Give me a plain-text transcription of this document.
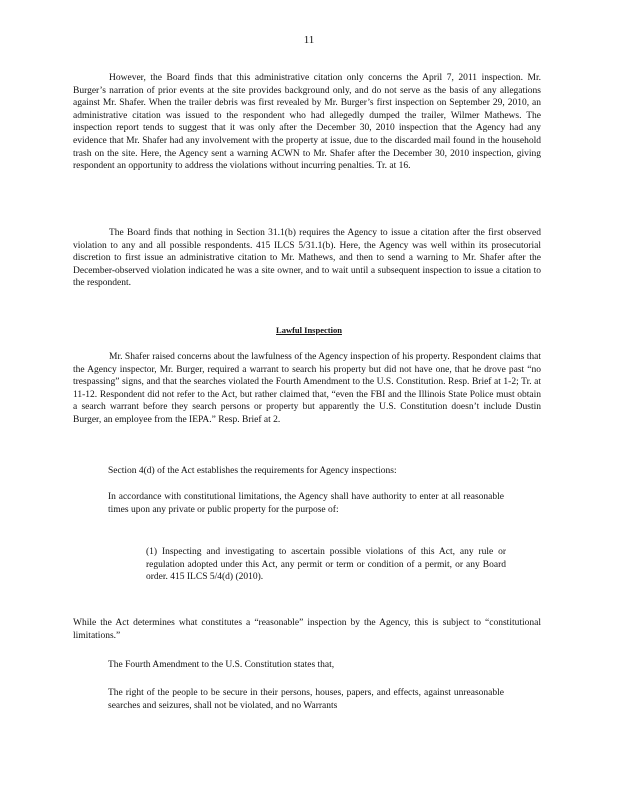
11
However, the Board finds that this administrative citation only concerns the April 7, 2011 inspection. Mr. Burger’s narration of prior events at the site provides background only, and do not serve as the basis of any allegations against Mr. Shafer. When the trailer debris was first revealed by Mr. Burger’s first inspection on September 29, 2010, an administrative citation was issued to the respondent who had allegedly dumped the trailer, Wilmer Mathews. The inspection report tends to suggest that it was only after the December 30, 2010 inspection that the Agency had any evidence that Mr. Shafer had any involvement with the property at issue, due to the discarded mail found in the household trash on the site. Here, the Agency sent a warning ACWN to Mr. Shafer after the December 30, 2010 inspection, giving respondent an opportunity to address the violations without incurring penalties. Tr. at 16.
The Board finds that nothing in Section 31.1(b) requires the Agency to issue a citation after the first observed violation to any and all possible respondents. 415 ILCS 5/31.1(b). Here, the Agency was well within its prosecutorial discretion to first issue an administrative citation to Mr. Mathews, and then to send a warning to Mr. Shafer after the December-observed violation indicated he was a site owner, and to wait until a subsequent inspection to issue a citation to the respondent.
Lawful Inspection
Mr. Shafer raised concerns about the lawfulness of the Agency inspection of his property. Respondent claims that the Agency inspector, Mr. Burger, required a warrant to search his property but did not have one, that he drove past “no trespassing” signs, and that the searches violated the Fourth Amendment to the U.S. Constitution. Resp. Brief at 1-2; Tr. at 11-12. Respondent did not refer to the Act, but rather claimed that, “even the FBI and the Illinois State Police must obtain a search warrant before they search persons or property but apparently the U.S. Constitution doesn’t include Dustin Burger, an employee from the IEPA.” Resp. Brief at 2.
Section 4(d) of the Act establishes the requirements for Agency inspections:
In accordance with constitutional limitations, the Agency shall have authority to enter at all reasonable times upon any private or public property for the purpose of:
(1) Inspecting and investigating to ascertain possible violations of this Act, any rule or regulation adopted under this Act, any permit or term or condition of a permit, or any Board order. 415 ILCS 5/4(d) (2010).
While the Act determines what constitutes a “reasonable” inspection by the Agency, this is subject to “constitutional limitations.”
The Fourth Amendment to the U.S. Constitution states that,
The right of the people to be secure in their persons, houses, papers, and effects, against unreasonable searches and seizures, shall not be violated, and no Warrants
